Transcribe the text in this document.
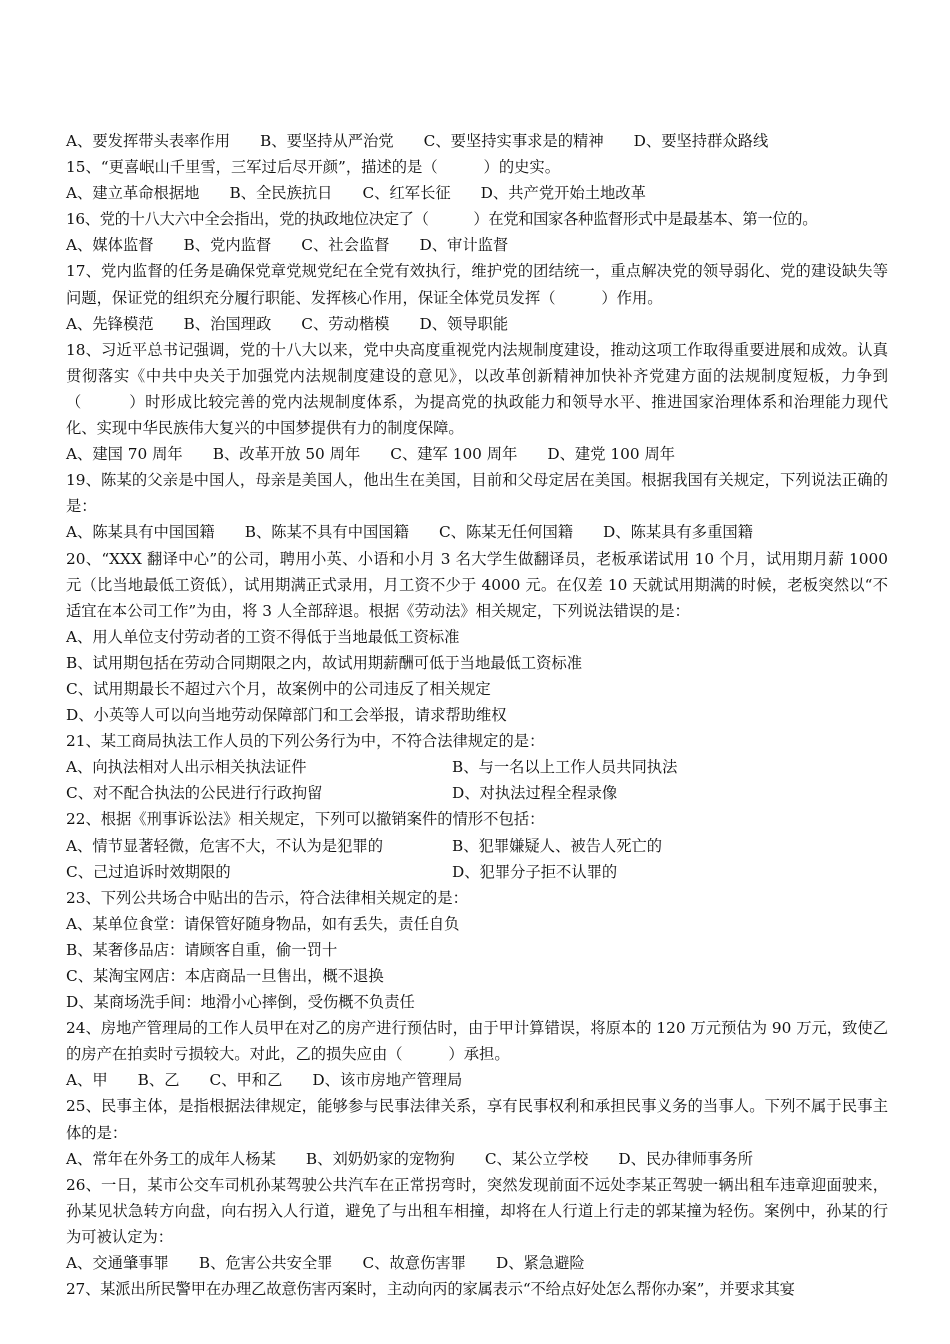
A、要发挥带头表率作用 B、要坚持从严治党 C、要坚持实事求是的精神 D、要坚持群众路线

15、“更喜岷山千里雪，三军过后尽开颜”，描述的是（　　　）的史实。

A、建立革命根据地 B、全民族抗日 C、红军长征 D、共产党开始土地改革

16、党的十八大六中全会指出，党的执政地位决定了（　　　）在党和国家各种监督形式中是最基本、第一位的。

A、媒体监督 B、党内监督 C、社会监督 D、审计监督

17、党内监督的任务是确保党章党规党纪在全党有效执行，维护党的团结统一，重点解决党的领导弱化、党的建设缺失等问题，保证党的组织充分履行职能、发挥核心作用，保证全体党员发挥（　　　）作用。

A、先锋模范 B、治国理政 C、劳动楷模 D、领导职能

18、习近平总书记强调，党的十八大以来，党中央高度重视党内法规制度建设，推动这项工作取得重要进展和成效。认真贯彻落实《中共中央关于加强党内法规制度建设的意见》，以改革创新精神加快补齐党建方面的法规制度短板，力争到（　　　）时形成比较完善的党内法规制度体系，为提高党的执政能力和领导水平、推进国家治理体系和治理能力现代化、实现中华民族伟大复兴的中国梦提供有力的制度保障。

A、建国 70 周年 B、改革开放 50 周年 C、建军 100 周年 D、建党 100 周年

19、陈某的父亲是中国人，母亲是美国人，他出生在美国，目前和父母定居在美国。根据我国有关规定，下列说法正确的是：

A、陈某具有中国国籍 B、陈某不具有中国国籍 C、陈某无任何国籍 D、陈某具有多重国籍

20、“XXX 翻译中心”的公司，聘用小英、小语和小月 3 名大学生做翻译员，老板承诺试用 10 个月，试用期月薪 1000 元（比当地最低工资低），试用期满正式录用，月工资不少于 4000 元。在仅差 10 天就试用期满的时候，老板突然以“不适宜在本公司工作”为由，将 3 人全部辞退。根据《劳动法》相关规定，下列说法错误的是：

A、用人单位支付劳动者的工资不得低于当地最低工资标准
B、试用期包括在劳动合同期限之内，故试用期薪酬可低于当地最低工资标准
C、试用期最长不超过六个月，故案例中的公司违反了相关规定
D、小英等人可以向当地劳动保障部门和工会举报，请求帮助维权

21、某工商局执法工作人员的下列公务行为中，不符合法律规定的是：

A、向执法相对人出示相关执法证件	B、与一名以上工作人员共同执法
C、对不配合执法的公民进行行政拘留	D、对执法过程全程录像

22、根据《刑事诉讼法》相关规定，下列可以撤销案件的情形不包括：

A、情节显著轻微，危害不大，不认为是犯罪的	B、犯罪嫌疑人、被告人死亡的
C、己过追诉时效期限的	D、犯罪分子拒不认罪的

23、下列公共场合中贴出的告示，符合法律相关规定的是：

A、某单位食堂：请保管好随身物品，如有丢失，责任自负
B、某奢侈品店：请顾客自重，偷一罚十
C、某淘宝网店：本店商品一旦售出，概不退换
D、某商场洗手间：地滑小心摔倒，受伤概不负责任

24、房地产管理局的工作人员甲在对乙的房产进行预估时，由于甲计算错误，将原本的 120 万元预估为 90 万元，致使乙的房产在拍卖时亏损较大。对此，乙的损失应由（　　　）承担。

A、甲 B、乙 C、甲和乙 D、该市房地产管理局

25、民事主体，是指根据法律规定，能够参与民事法律关系，享有民事权利和承担民事义务的当事人。下列不属于民事主体的是：

A、常年在外务工的成年人杨某 B、刘奶奶家的宠物狗 C、某公立学校 D、民办律师事务所

26、一日，某市公交车司机孙某驾驶公共汽车在正常拐弯时，突然发现前面不远处李某正驾驶一辆出租车违章迎面驶来，孙某见状急转方向盘，向右拐入人行道，避免了与出租车相撞，却将在人行道上行走的郭某撞为轻伤。案例中，孙某的行为可被认定为：

A、交通肇事罪 B、危害公共安全罪 C、故意伤害罪 D、紧急避险

27、某派出所民警甲在办理乙故意伤害丙案时，主动向丙的家属表示“不给点好处怎么帮你办案”，并要求其宴
